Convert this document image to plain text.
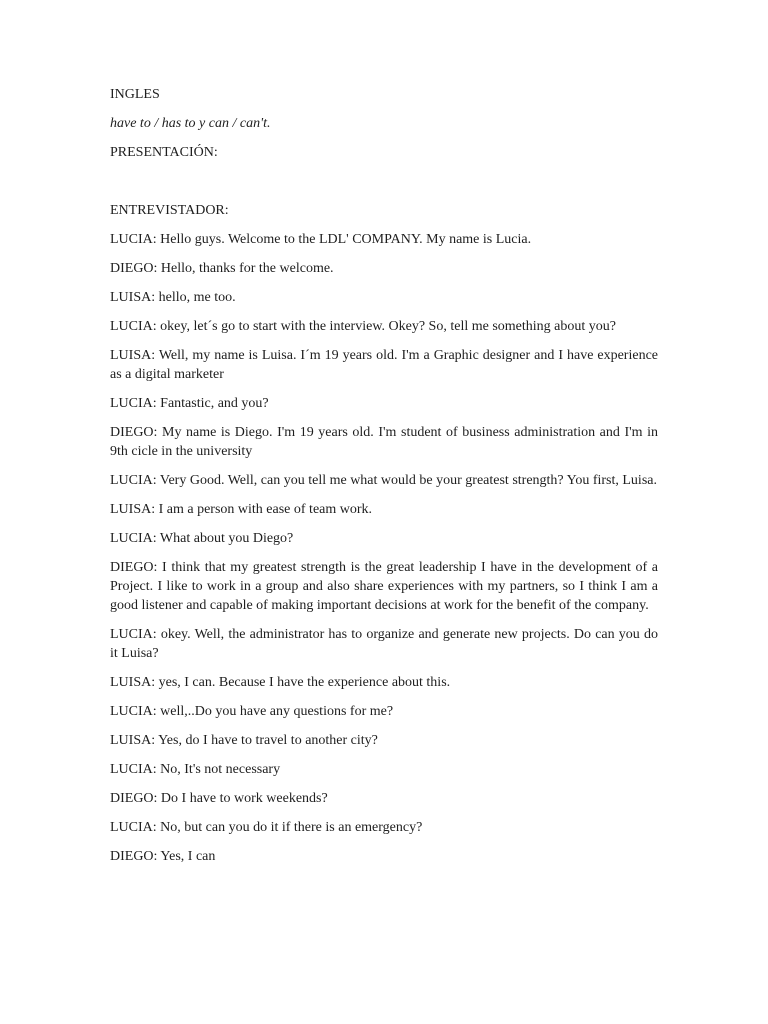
INGLES

have to / has to y can / can't.

PRESENTACIÓN:

ENTREVISTADOR:

LUCIA: Hello guys. Welcome to the LDL' COMPANY. My name is Lucia.

DIEGO: Hello, thanks for the welcome.

LUISA: hello, me too.

LUCIA: okey, let´s go to start with the interview. Okey? So, tell me something about you?

LUISA: Well, my name is Luisa. I´m 19 years old. I'm a Graphic designer and I have experience as a digital marketer

LUCIA: Fantastic, and you?

DIEGO: My name is Diego. I'm 19 years old. I'm student of business administration and I'm in 9th cicle in the university

LUCIA: Very Good. Well, can you tell me what would be your greatest strength? You first, Luisa.

LUISA: I am a person with ease of team work.

LUCIA: What about you Diego?

DIEGO: I think that my greatest strength is the great leadership I have in the development of a Project. I like to work in a group and also share experiences with my partners, so I think I am a good listener and capable of making important decisions at work for the benefit of the company.

LUCIA: okey. Well, the administrator has to organize and generate new projects. Do can you do it Luisa?

LUISA: yes, I can. Because I have the experience about this.

LUCIA: well,..Do you have any questions for me?

LUISA: Yes, do I have to travel to another city?

LUCIA: No, It's not necessary

DIEGO: Do I have to work weekends?

LUCIA: No, but can you do it if there is an emergency?

DIEGO: Yes, I can
